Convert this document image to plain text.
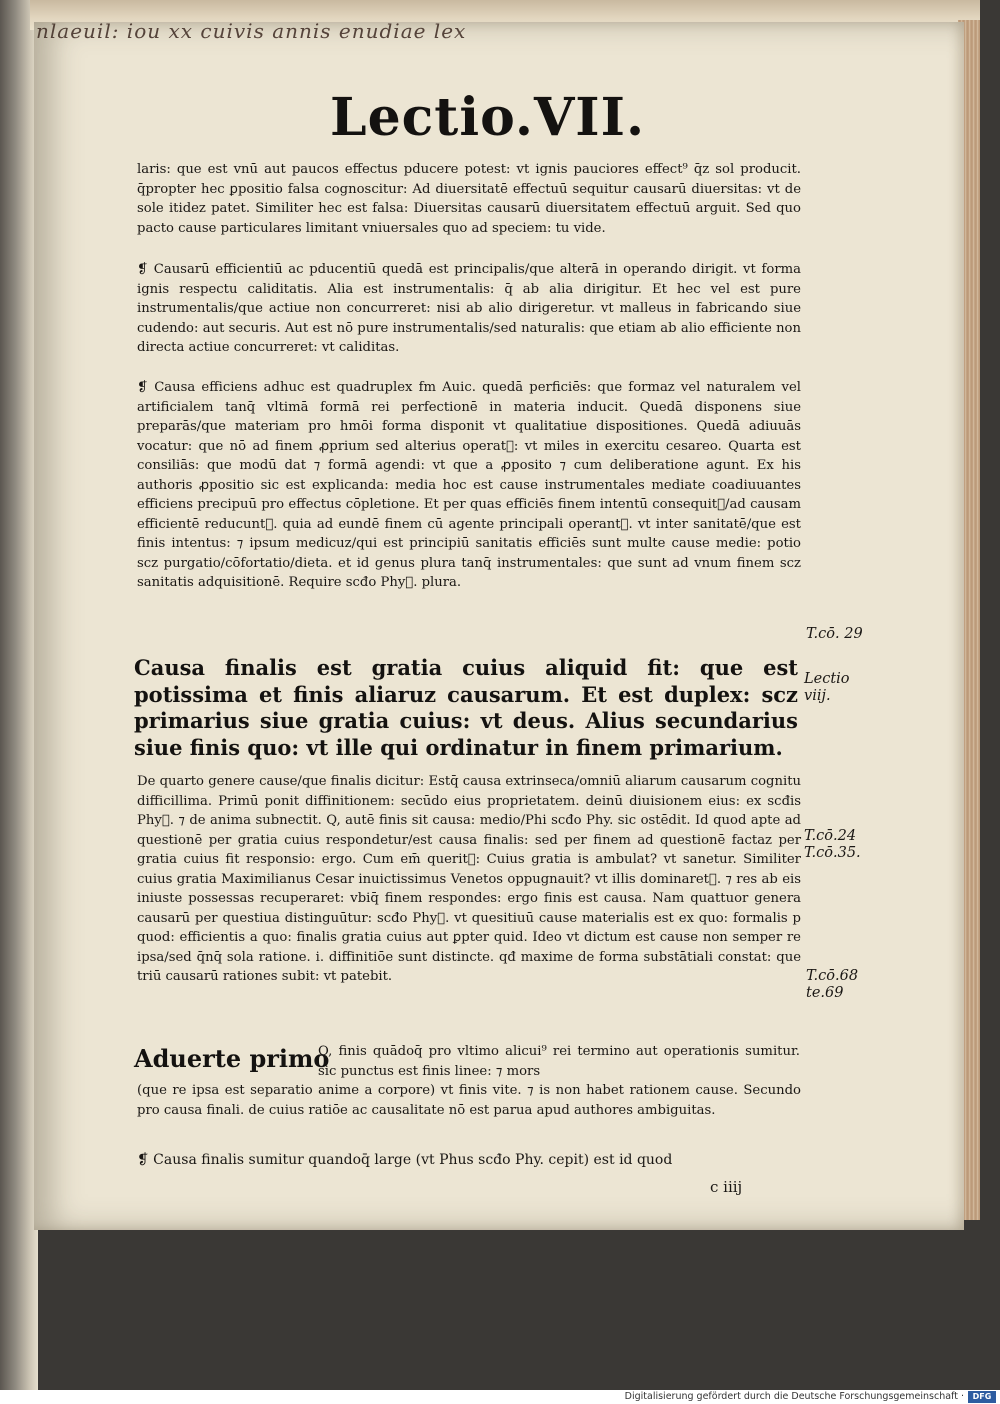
nlaeuil: iou xx cuivis annis enudiae lex
Lectio.VII.

laris: que est vnū aut paucos effectus pducere potest: vt ignis pauciores effect⁹ q̄z sol producit. q̄propter hec ꝑpositio falsa cognoscitur: Ad diuersitatē effectuū sequitur causarū diuersitas: vt de sole itidez patet. Similiter hec est falsa: Diuersitas causarū diuersitatem effectuū arguit. Sed quo pacto cause particulares limitant vniuersales quo ad speciem: tu vide.

❡ Causarū efficientiū ac pducentiū quedā est principalis/que alterā in operando dirigit. vt forma ignis respectu caliditatis. Alia est instrumentalis: q̄ ab alia dirigitur. Et hec vel est pure instrumentalis/que actiue non concurreret: nisi ab alio dirigeretur. vt malleus in fabricando siue cudendo: aut securis. Aut est nō pure instrumentalis/sed naturalis: que etiam ab alio efficiente non directa actiue concurreret: vt caliditas.

❡ Causa efficiens adhuc est quadruplex fm Auic. quedā perficiēs: que formaz vel naturalem vel artificialem tanq̄ vltimā formā rei perfectionē in materia inducit. Quedā disponens siue preparās/que materiam pro hmōi forma disponit vt qualitatiue dispositiones. Quedā adiuuās vocatur: que nō ad finem ꝓprium sed alterius operat᷑: vt miles in exercitu cesareo. Quarta est consiliās: que modū dat ⁊ formā agendi: vt que a ꝓposito ⁊ cum deliberatione agunt. Ex his authoris ꝓpositio sic est explicanda: media hoc est cause instrumentales mediate coadiuuantes efficiens precipuū pro effectus cōpletione. Et per quas efficiēs finem intentū consequit᷑/ad causam efficientē reducunt᷑. quia ad eundē finem cū agente principali operant᷑. vt inter sanitatē/que est finis intentus: ⁊ ipsum medicuz/qui est principiū sanitatis efficiēs sunt multe cause medie: potio scz purgatio/cōfortatio/dieta. et id genus plura tanq̄ instrumentales: que sunt ad vnum finem scz sanitatis adquisitionē. Require scđo Phy᷑. plura.

Causa finalis est gratia cuius aliquid fit: que est potissima et finis aliaruz causarum. Et est duplex: scz primarius siue gratia cuius: vt deus. Alius secundarius siue finis quo: vt ille qui ordinatur in finem primarium.

De quarto genere cause/que finalis dicitur: Estq̄ causa extrinseca/omniū aliarum causarum cognitu difficillima. Primū ponit diffinitionem: secūdo eius proprietatem. deinū diuisionem eius: ex scđis Phy᷑. ⁊ de anima subnectit. Q, autē finis sit causa: medio/Phi scđo Phy. sic ostēdit. Id quod apte ad questionē per gratia cuius respondetur/est causa finalis: sed per finem ad questionē factaz per gratia cuius fit responsio: ergo. Cum em̄ querit᷑: Cuius gratia is ambulat? vt sanetur. Similiter cuius gratia Maximilianus Cesar inuictissimus Venetos oppugnauit? vt illis dominaret᷑. ⁊ res ab eis iniuste possessas recuperaret: vbiq̄ finem respondes: ergo finis est causa. Nam quattuor genera causarū per questiua distinguūtur: scđo Phy᷑. vt quesitiuū cause materialis est ex quo: formalis p quod: efficientis a quo: finalis gratia cuius aut ꝑpter quid. Ideo vt dictum est cause non semper re ipsa/sed q̄nq̄ sola ratione. i. diffinitiōe sunt distincte. qđ maxime de forma substātiali constat: que triū causarū rationes subit: vt patebit.

Aduerte primo
Q, finis quādoq̄ pro vltimo alicui⁹ rei termino aut operationis sumitur. sic punctus est finis linee: ⁊ mors
(que re ipsa est separatio anime a corpore) vt finis vite. ⁊ is non habet rationem cause. Secundo pro causa finali. de cuius ratiōe ac causalitate nō est parua apud authores ambiguitas.
❡ Causa finalis sumitur quandoq̄ large (vt Phus scđo Phy. cepit) est id quod
c iiij
T.cō. 29
Lectio
viij.
T.cō.24
T.cō.35.
T.cō.68
te.69
Digitalisierung gefördert durch die Deutsche Forschungsgemeinschaft ·	DFG
